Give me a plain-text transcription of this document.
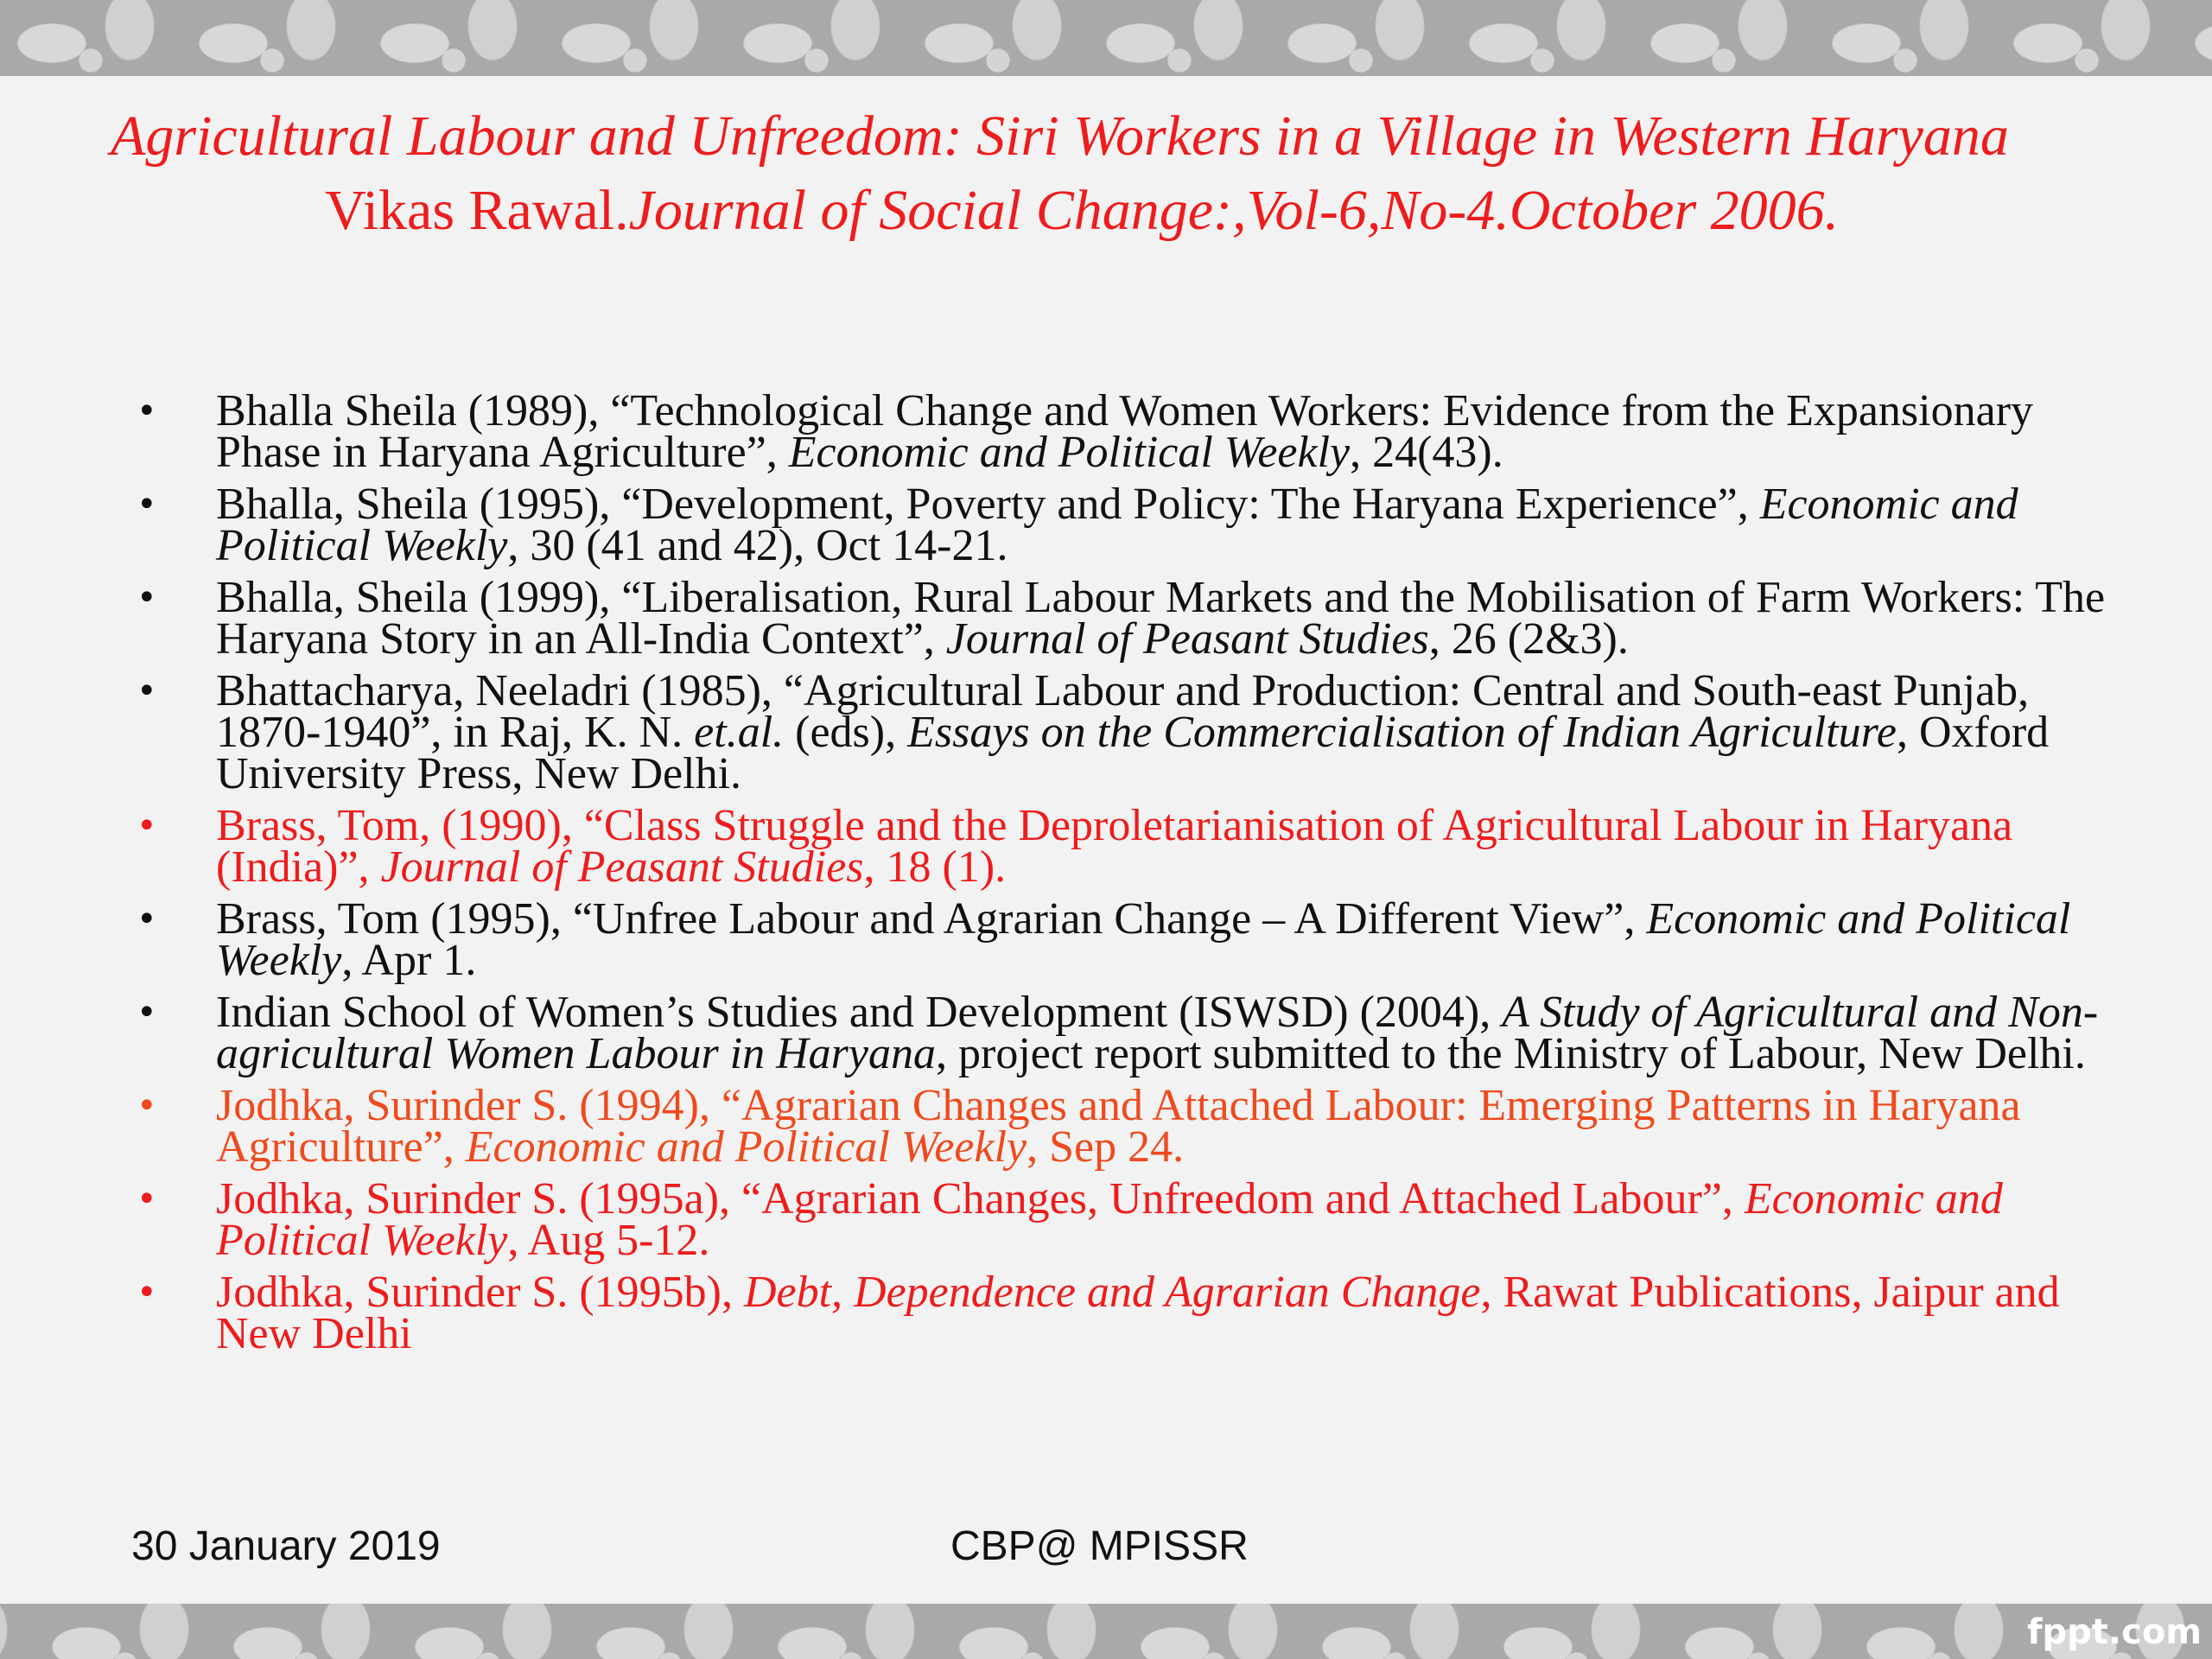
Agricultural Labour and Unfreedom: Siri Workers in a Village in Western Haryana
Vikas Rawal.Journal of Social Change:,Vol-6,No-4.October 2006.
• Bhalla Sheila (1989), “Technological Change and Women Workers: Evidence from the Expansionary Phase in Haryana Agriculture”, Economic and Political Weekly, 24(43).
• Bhalla, Sheila (1995), “Development, Poverty and Policy: The Haryana Experience”, Economic and Political Weekly, 30 (41 and 42), Oct 14-21.
• Bhalla, Sheila (1999), “Liberalisation, Rural Labour Markets and the Mobilisation of Farm Workers: The Haryana Story in an All-India Context”, Journal of Peasant Studies, 26 (2&3).
• Bhattacharya, Neeladri (1985), “Agricultural Labour and Production: Central and South-east Punjab, 1870-1940”, in Raj, K. N. et.al. (eds), Essays on the Commercialisation of Indian Agriculture, Oxford University Press, New Delhi.
• Brass, Tom, (1990), “Class Struggle and the Deproletarianisation of Agricultural Labour in Haryana (India)”, Journal of Peasant Studies, 18 (1).
• Brass, Tom (1995), “Unfree Labour and Agrarian Change – A Different View”, Economic and Political Weekly, Apr 1.
• Indian School of Women’s Studies and Development (ISWSD) (2004), A Study of Agricultural and Non-agricultural Women Labour in Haryana, project report submitted to the Ministry of Labour, New Delhi.
• Jodhka, Surinder S. (1994), “Agrarian Changes and Attached Labour: Emerging Patterns in Haryana Agriculture”, Economic and Political Weekly, Sep 24.
• Jodhka, Surinder S. (1995a), “Agrarian Changes, Unfreedom and Attached Labour”, Economic and Political Weekly, Aug 5-12.
• Jodhka, Surinder S. (1995b), Debt, Dependence and Agrarian Change, Rawat Publications, Jaipur and New Delhi
30 January 2019	CBP@ MPISSR
fppt.com
